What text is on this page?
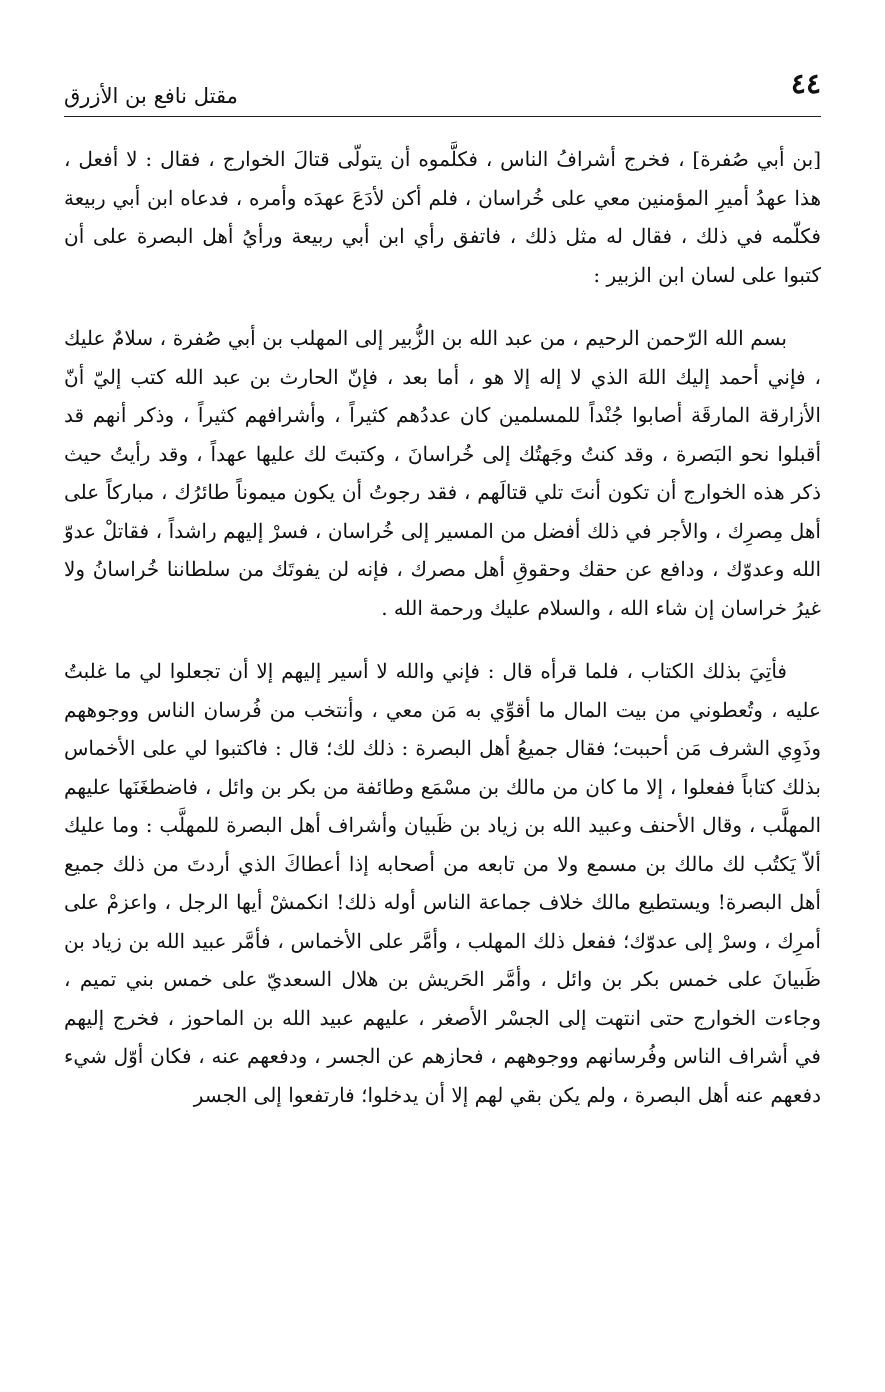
٤٤
مقتل نافع بن الأزرق

[بن أبي صُفرة] ، فخرج أشرافُ الناس ، فكلَّموه أن يتولّى قتالَ الخوارج ، فقال : لا أفعل ، هذا عهدُ أميرِ المؤمنين معي على خُراسان ، فلم أكن لأدَعَ عهدَه وأمره ، فدعاه ابن أبي ربيعة فكلّمه في ذلك ، فقال له مثل ذلك ، فاتفق رأي ابن أبي ربيعة ورأيُ أهل البصرة على أن كتبوا على لسان ابن الزبير :

بسم الله الرّحمن الرحيم ، من عبد الله بن الزُّبير إلى المهلب بن أبي صُفرة ، سلامٌ عليك ، فإني أحمد إليك اللهَ الذي لا إله إلا هو ، أما بعد ، فإنّ الحارث بن عبد الله كتب إليّ أنّ الأزارقة المارقَة أصابوا جُنْداً للمسلمين كان عددُهم كثيراً ، وأشرافهم كثيراً ، وذكر أنهم قد أقبلوا نحو البَصرة ، وقد كنتُ وجَهتُك إلى خُراسانَ ، وكتبتَ لك عليها عهداً ، وقد رأيتُ حيث ذكر هذه الخوارج أن تكون أنتَ تلي قتالَهم ، فقد رجوتُ أن يكون ميموناً طائرُك ، مباركاً على أهل مِصرِك ، والأجر في ذلك أفضل من المسير إلى خُراسان ، فسرْ إليهم راشداً ، فقاتلْ عدوّ الله وعدوّك ، ودافع عن حقك وحقوقِ أهل مصرك ، فإنه لن يفوتَك من سلطاننا خُراسانُ ولا غيرُ خراسان إن شاء الله ، والسلام عليك ورحمة الله .

فأتِيَ بذلك الكتاب ، فلما قرأه قال : فإني والله لا أسير إليهم إلا أن تجعلوا لي ما غلبتُ عليه ، وتُعطوني من بيت المال ما أقوِّي به مَن معي ، وأنتخب من فُرسان الناس ووجوههم وذَوِي الشرف مَن أحببت؛ فقال جميعُ أهل البصرة : ذلك لك؛ قال : فاكتبوا لي على الأخماس بذلك كتاباً ففعلوا ، إلا ما كان من مالك بن مسْمَع وطائفة من بكر بن وائل ، فاضطغَنَها عليهم المهلَّب ، وقال الأحنف وعبيد الله بن زياد بن ظَبيان وأشراف أهل البصرة للمهلَّب : وما عليك ألاّ يَكتُب لك مالك بن مسمع ولا من تابعه من أصحابه إذا أعطاكَ الذي أردتَ من ذلك جميع أهل البصرة! ويستطيع مالك خلاف جماعة الناس أوله ذلك! انكمشْ أيها الرجل ، واعزمْ على أمرِك ، وسرْ إلى عدوّك؛ ففعل ذلك المهلب ، وأمَّر على الأخماس ، فأمَّر عبيد الله بن زياد بن ظَبيانَ على خمس بكر بن وائل ، وأمَّر الحَريش بن هلال السعديّ على خمس بني تميم ، وجاءت الخوارج حتى انتهت إلى الجسْر الأصغر ، عليهم عبيد الله بن الماحوز ، فخرج إليهم في أشراف الناس وفُرسانهم ووجوههم ، فحازهم عن الجسر ، ودفعهم عنه ، فكان أوّل شيء دفعهم عنه أهل البصرة ، ولم يكن بقي لهم إلا أن يدخلوا؛ فارتفعوا إلى الجسر
